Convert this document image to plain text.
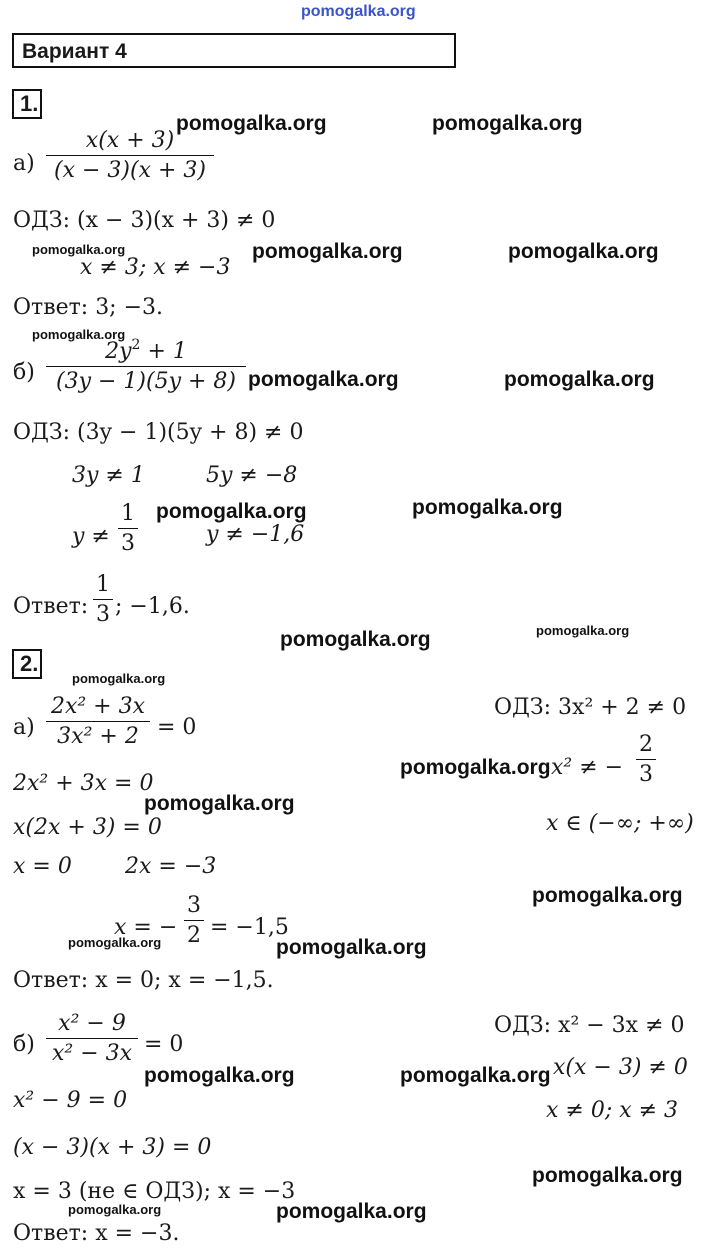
pomogalka.org
Вариант 4
1.
а)
x(x + 3)
(x − 3)(x + 3)
ОДЗ: (x − 3)(x + 3) ≠ 0
x ≠ 3; x ≠ −3
Ответ: 3; −3.
б)
$2y^2 + 1$
(3y − 1)(5y + 8)
ОДЗ: (3y − 1)(5y + 8) ≠ 0
3y ≠ 1	5y ≠ −8
y ≠
1
3	y ≠ −1,6
Ответ:
1
3 ; −1,6.
2.
а)
2x² + 3x
3x² + 2 = 0
ОДЗ: 3x² + 2 ≠ 0
x² ≠ −
2
3
x ∈ (−∞; +∞)
2x² + 3x = 0
x(2x + 3) = 0
x = 0 2x = −3
x = −
3
2 = −1,5
Ответ: x = 0; x = −1,5.
б)
x² − 9
x² − 3x = 0
ОДЗ: x² − 3x ≠ 0
x(x − 3) ≠ 0
x ≠ 0; x ≠ 3
x² − 9 = 0
(x − 3)(x + 3) = 0
x = 3 (не ∈ ОДЗ); x = −3
Ответ: x = −3.
pomogalka.org	pomogalka.org
pomogalka.org	pomogalka.org	pomogalka.org
pomogalka.org
pomogalka.org	pomogalka.org
pomogalka.org	pomogalka.org
pomogalka.org	pomogalka.org
pomogalka.org
pomogalka.org
pomogalka.org
pomogalka.org
pomogalka.org	pomogalka.org
pomogalka.org	pomogalka.org
pomogalka.org
pomogalka.org	pomogalka.org
